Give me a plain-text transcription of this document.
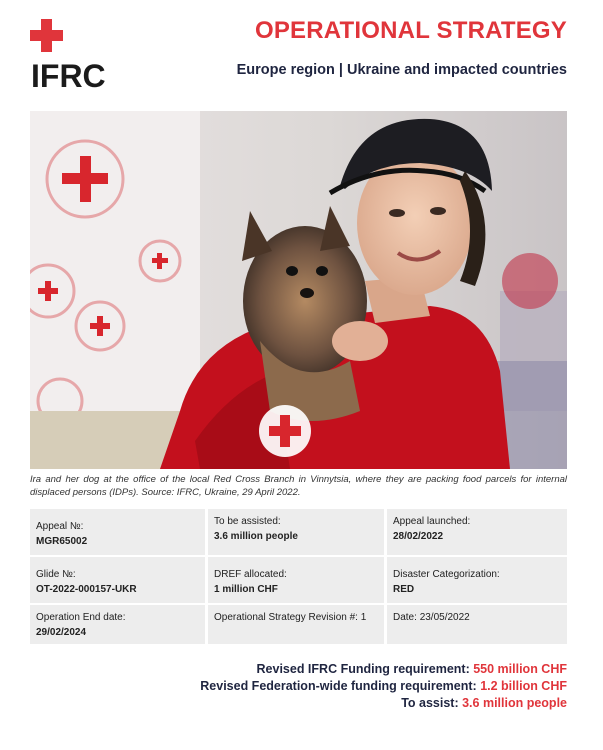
IFRC
OPERATIONAL STRATEGY
Europe region | Ukraine and impacted countries
Ira and her dog at the office of the local Red Cross Branch in Vinnytsia, where they are packing food parcels for internal displaced persons (IDPs). Source: IFRC, Ukraine, 29 April 2022.
Appeal №:
MGR65002
To be assisted:
3.6 million people
Appeal launched:
28/02/2022
Glide №:
OT-2022-000157-UKR
DREF allocated:
1 million CHF
Disaster Categorization:
RED
Operation End date:
29/02/2024
Operational Strategy Revision #: 1	Date: 23/05/2022
Revised IFRC Funding requirement: 550 million CHF
Revised Federation-wide funding requirement: 1.2 billion CHF
To assist: 3.6 million people
